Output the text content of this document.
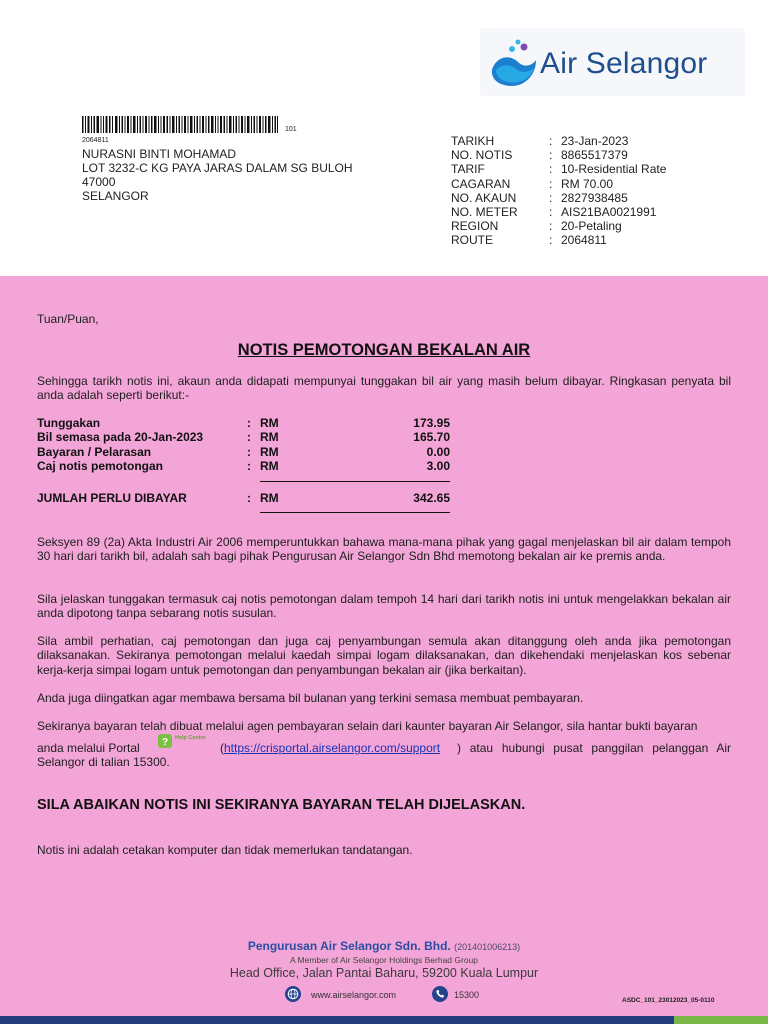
Air Selangor
101
2064811
NURASNI BINTI MOHAMAD
LOT 3232-C KG PAYA JARAS DALAM SG BULOH
47000
SELANGOR
TARIKH	: 23-Jan-2023
NO. NOTIS	: 8865517379
TARIF	: 10-Residential Rate
CAGARAN	: RM 70.00
NO. AKAUN	: 2827938485
NO. METER	: AIS21BA0021991
REGION	: 20-Petaling
ROUTE	: 2064811
Tuan/Puan,
NOTIS PEMOTONGAN BEKALAN AIR
Sehingga tarikh notis ini, akaun anda didapati mempunyai tunggakan bil air yang masih belum dibayar. Ringkasan penyata bil anda adalah seperti berikut:-
Tunggakan	: RM	173.95
Bil semasa pada 20-Jan-2023	: RM	165.70
Bayaran / Pelarasan	: RM	0.00
Caj notis pemotongan	: RM	3.00
JUMLAH PERLU DIBAYAR	: RM	342.65
Seksyen 89 (2a) Akta Industri Air 2006 memperuntukkan bahawa mana-mana pihak yang gagal menjelaskan bil air dalam tempoh 30 hari dari tarikh bil, adalah sah bagi pihak Pengurusan Air Selangor Sdn Bhd memotong bekalan air ke premis anda.
Sila jelaskan tunggakan termasuk caj notis pemotongan dalam tempoh 14 hari dari tarikh notis ini untuk mengelakkan bekalan air anda dipotong tanpa sebarang notis susulan.
Sila ambil perhatian, caj pemotongan dan juga caj penyambungan semula akan ditanggung oleh anda jika pemotongan dilaksanakan. Sekiranya pemotongan melalui kaedah simpai logam dilaksanakan, dan dikehendaki menjelaskan kos sebenar kerja-kerja simpai logam untuk pemotongan dan penyambungan bekalan air (jika berkaitan).
Anda juga diingatkan agar membawa bersama bil bulanan yang terkini semasa membuat pembayaran.
Sekiranya bayaran telah dibuat melalui agen pembayaran selain dari kaunter bayaran Air Selangor, sila hantar bukti bayaran
anda melalui Portal ? Help Centre
(https://crisportal.airselangor.com/support ) atau hubungi pusat panggilan pelanggan Air
Selangor di talian 15300.
SILA ABAIKAN NOTIS INI SEKIRANYA BAYARAN TELAH DIJELASKAN.
Notis ini adalah cetakan komputer dan tidak memerlukan tandatangan.
Pengurusan Air Selangor Sdn. Bhd. (201401006213)
A Member of Air Selangor Holdings Berhad Group
Head Office, Jalan Pantai Baharu, 59200 Kuala Lumpur
www.airselangor.com	15300
ASDC_101_23012023_05-0110
